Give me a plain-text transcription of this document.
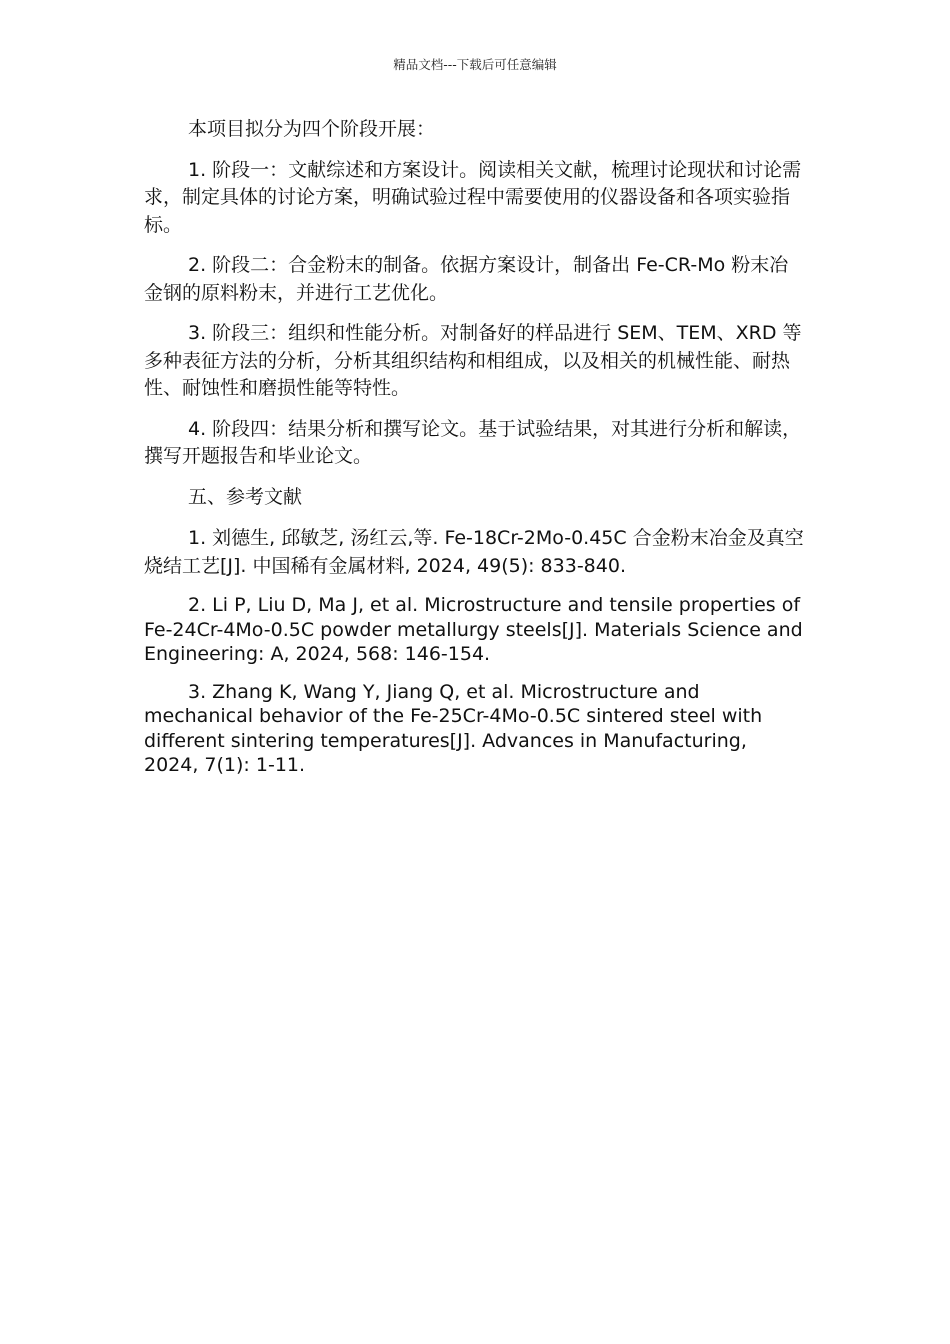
精品文档---下载后可任意编辑

本项目拟分为四个阶段开展：

1. 阶段一：文献综述和方案设计。阅读相关文献，梳理讨论现状和讨论需求，制定具体的讨论方案，明确试验过程中需要使用的仪器设备和各项实验指标。

2. 阶段二：合金粉末的制备。依据方案设计，制备出 Fe-CR-Mo 粉末冶金钢的原料粉末，并进行工艺优化。

3. 阶段三：组织和性能分析。对制备好的样品进行 SEM、TEM、XRD 等多种表征方法的分析，分析其组织结构和相组成，以及相关的机械性能、耐热性、耐蚀性和磨损性能等特性。

4. 阶段四：结果分析和撰写论文。基于试验结果，对其进行分析和解读，撰写开题报告和毕业论文。

五、参考文献

1. 刘德生, 邱敏芝, 汤红云,等. Fe-18Cr-2Mo-0.45C 合金粉末冶金及真空烧结工艺[J]. 中国稀有金属材料, 2024, 49(5): 833-840.

2. Li P, Liu D, Ma J, et al. Microstructure and tensile properties of Fe-24Cr-4Mo-0.5C powder metallurgy steels[J]. Materials Science and Engineering: A, 2024, 568: 146-154.

3. Zhang K, Wang Y, Jiang Q, et al. Microstructure and mechanical behavior of the Fe-25Cr-4Mo-0.5C sintered steel with different sintering temperatures[J]. Advances in Manufacturing, 2024, 7(1): 1-11.
